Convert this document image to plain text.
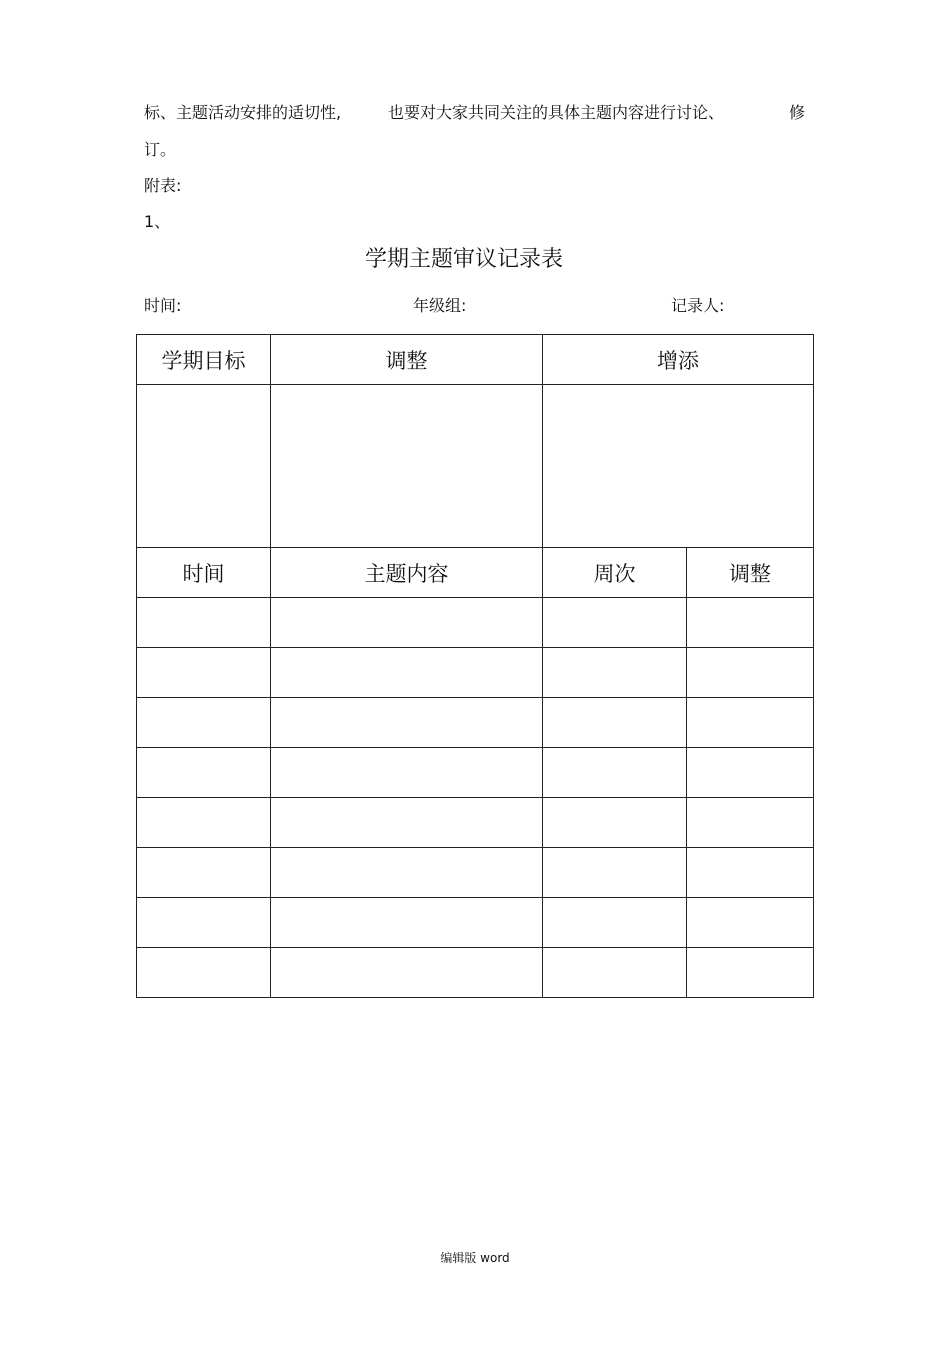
标、主题活动安排的适切性,	也要对大家共同关注的具体主题内容进行讨论、	修
订。
附表:
1、
学期主题审议记录表
时间:	年级组:	记录人:
学期目标	调整	增添	

时间	主题内容	周次	调整

编辑版 word
